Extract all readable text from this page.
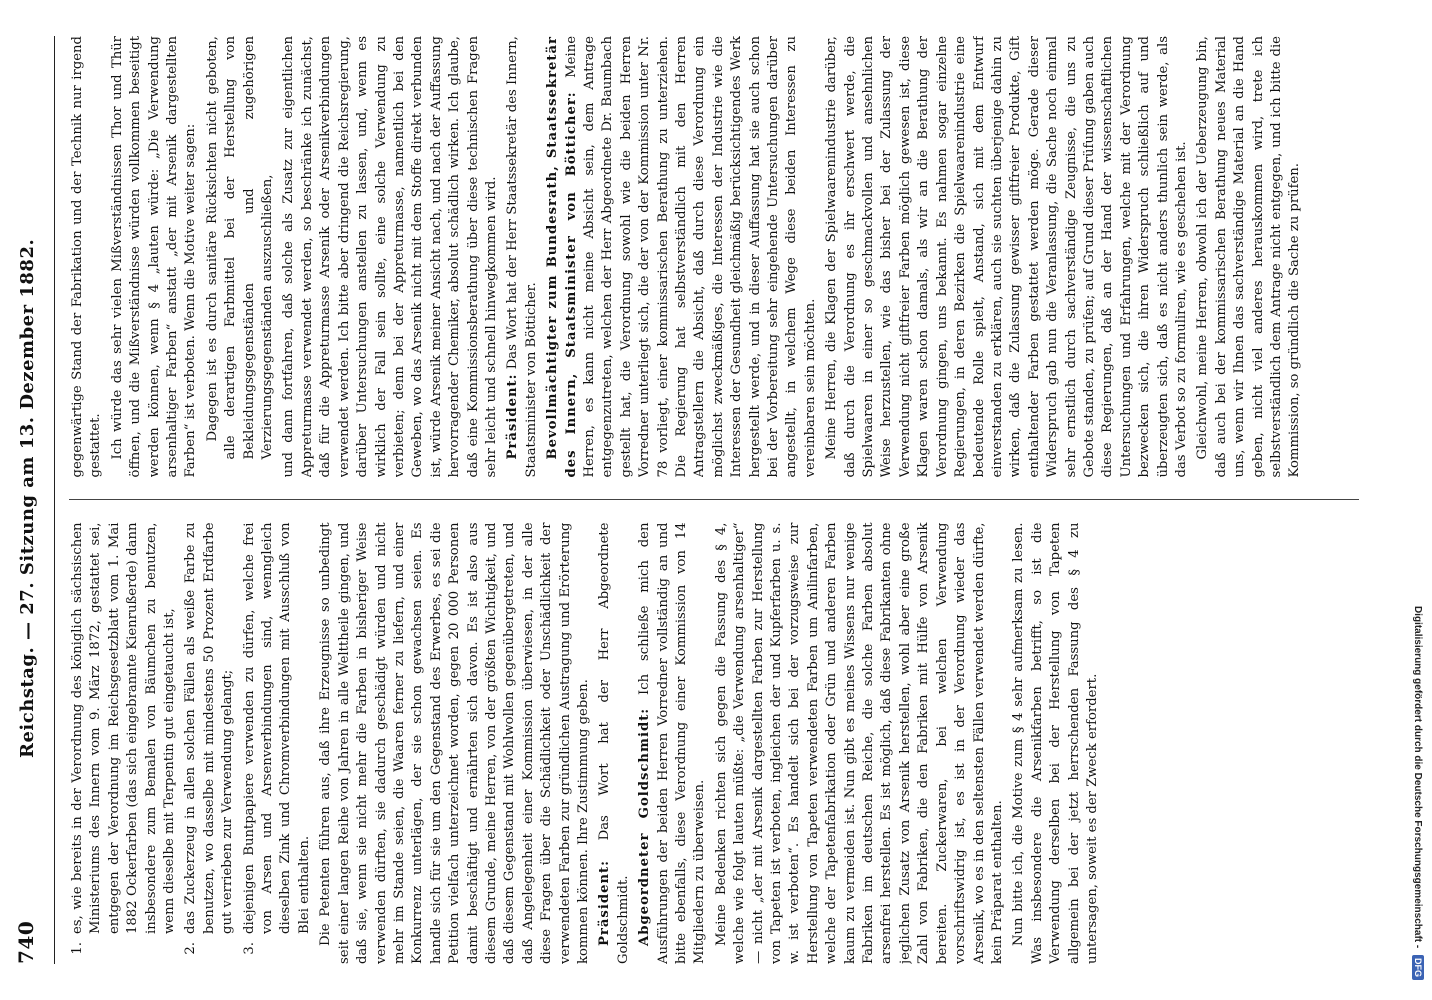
740
Reichstag. — 27. Sitzung am 13. Dezember 1882.
1.
es, wie bereits in der Verordnung des königlich sächsischen Ministeriums des Innern vom 9. März 1872, gestattet sei, entgegen der Verordnung im Reichsgesetzblatt vom 1. Mai 1882 Ockerfarben (das sich eingebrannte Kienrußerde) dann insbesondere zum Bemalen von Bäumchen zu benutzen, wenn dieselbe mit Terpentin gut eingetaucht ist,
2.
das Zuckerzeug in allen solchen Fällen als weiße Farbe zu benutzen, wo dasselbe mit mindestens 50 Prozent Erdfarbe gut verrieben zur Verwendung gelangt;
3.
diejenigen Buntpapiere verwenden zu dürfen, welche frei von Arsen und Arsenverbindungen sind, wenngleich dieselben Zink und Chromverbindungen mit Ausschluß von Blei enthalten. Die Petenten führen aus, daß ihre Erzeugnisse so unbedingt seit einer langen Reihe von Jahren in alle Welttheile gingen, und daß sie, wenn sie nicht mehr die Farben in bisheriger Weise verwenden dürften, sie dadurch geschädigt würden und nicht mehr im Stande seien, die Waaren ferner zu liefern, und einer Konkurrenz unterlägen, der sie schon gewachsen seien. Es handle sich für sie um den Gegenstand des Erwerbes, es sei die Petition vielfach unterzeichnet worden, gegen 20 000 Personen damit beschäftigt und ernährten sich davon. Es ist also aus diesem Grunde, meine Herren, von der größten Wichtigkeit, und daß diesem Gegenstand mit Wohlwollen gegenübergetreten, und daß Angelegenheit einer Kommission überwiesen, in der alle diese Fragen über die Schädlichkeit oder Unschädlichkeit der verwendeten Farben zur gründlichen Austragung und Erörterung kommen können. Ihre Zustimmung geben. Präsident: Das Wort hat der Herr Abgeordnete Goldschmidt. Abgeordneter Goldschmidt: Ich schließe mich den Ausführungen der beiden Herren Vorredner vollständig an und bitte ebenfalls, diese Verordnung einer Kommission von 14 Mitgliedern zu überweisen. Meine Bedenken richten sich gegen die Fassung des § 4, welche wie folgt lauten müßte: „die Verwendung arsenhaltiger“ — nicht „der mit Arsenik dargestellten Farben zur Herstellung von Tapeten ist verboten, ingleichen der und Kupferfarben u. s. w. ist verboten“. Es handelt sich bei der vorzugsweise zur Herstellung von Tapeten verwendeten Farben um Anilinfarben, welche der Tapetenfabrikation oder Grün und anderen Farben kaum zu vermeiden ist. Nun gibt es meines Wissens nur wenige Fabriken im deutschen Reiche, die solche Farben absolut arsenfrei herstellen. Es ist möglich, daß diese Fabrikanten ohne jeglichen Zusatz von Arsenik herstellen, wohl aber eine große Zahl von Fabriken, die den Fabriken mit Hülfe von Arsenik bereiten. Zuckerwaren, bei welchen Verwendung vorschriftswidrig ist, es ist in der Verordnung wieder das Arsenik, wo es in den seltensten Fällen verwendet werden dürfte, kein Präparat enthalten. Nun bitte ich, die Motive zum § 4 sehr aufmerksam zu lesen. Was insbesondere die Arsenikfarben betrifft, so ist die Verwendung derselben bei der Herstellung von Tapeten allgemein bei der jetzt herrschenden Fassung des § 4 zu untersagen, soweit es der Zweck erfordert.

gegenwärtige Stand der Fabrikation und der Technik nur irgend gestattet. Ich würde das sehr vielen Mißverständnissen Thor und Thür öffnen, und die Mißverständnisse würden vollkommen beseitigt werden können, wenn § 4 „lauten würde: „Die Verwendung arsenhaltiger Farben“ anstatt „der mit Arsenik dargestellten Farben“ ist verboten. Wenn die Motive weiter sagen: Dagegen ist es durch sanitäre Rücksichten nicht geboten, alle derartigen Farbmittel bei der Herstellung von Bekleidungsgegenständen und zugehörigen Verzierungsgegenständen auszuschließen, und dann fortfahren, daß solche als Zusatz zur eigentlichen Appreturmasse verwendet werden, so beschränke ich zunächst, daß für die Appreturmasse Arsenik oder Arsenikverbindungen verwendet werden. Ich bitte aber dringend die Reichsregierung, darüber Untersuchungen anstellen zu lassen, und, wenn es wirklich der Fall sein sollte, eine solche Verwendung zu verbieten; denn bei der Appreturmasse, namentlich bei den Geweben, wo das Arsenik nicht mit dem Stoffe direkt verbunden ist, würde Arsenik meiner Ansicht nach, und nach der Auffassung hervorragender Chemiker, absolut schädlich wirken. Ich glaube, daß eine Kommissionsberathung über diese technischen Fragen sehr leicht und schnell hinwegkommen wird. Präsident: Das Wort hat der Herr Staatssekretär des Innern, Staatsminister von Bötticher. Bevollmächtigter zum Bundesrath, Staatssekretär des Innern, Staatsminister von Bötticher: Meine Herren, es kann nicht meine Absicht sein, dem Antrage entgegenzutreten, welchen der Herr Abgeordnete Dr. Baumbach gestellt hat, die Verordnung sowohl wie die beiden Herren Vorredner unterliegt sich, die der von der Kommission unter Nr. 78 vorliegt, einer kommissarischen Berathung zu unterziehen. Die Regierung hat selbstverständlich mit den Herren Antragstellern die Absicht, daß durch diese Verordnung ein möglichst zweckmäßiges, die Interessen der Industrie wie die Interessen der Gesundheit gleichmäßig berücksichtigendes Werk hergestellt werde, und in dieser Auffassung hat sie auch schon bei der Vorbereitung sehr eingehende Untersuchungen darüber angestellt, in welchem Wege diese beiden Interessen zu vereinbaren sein möchten. Meine Herren, die Klagen der Spielwaarenindustrie darüber, daß durch die Verordnung es ihr erschwert werde, die Spielwaaren in einer so geschmackvollen und ansehnlichen Weise herzustellen, wie das bisher bei der Zulassung der Verwendung nicht giftfreier Farben möglich gewesen ist, diese Klagen waren schon damals, als wir an die Berathung der Verordnung gingen, uns bekannt. Es nahmen sogar einzelne Regierungen, in deren Bezirken die Spielwaarenindustrie eine bedeutende Rolle spielt, Anstand, sich mit dem Entwurf einverstanden zu erklären, auch sie suchten überjenige dahin zu wirken, daß die Zulassung gewisser giftfreier Produkte, Gift enthaltender Farben gestattet werden möge. Gerade dieser Widerspruch gab nun die Veranlassung, die Sache noch einmal sehr ernstlich durch sachverständige Zeugnisse, die uns zu Gebote standen, zu prüfen; auf Grund dieser Prüfung gaben auch diese Regierungen, daß an der Hand der wissenschaftlichen Untersuchungen und Erfahrungen, welche mit der Verordnung bezwecken sich, die ihren Widerspruch schließlich auf und überzeugten sich, daß es nicht anders thunlich sein werde, als das Verbot so zu formuliren, wie es geschehen ist. Gleichwohl, meine Herren, obwohl ich der Ueberzeugung bin, daß auch bei der kommissarischen Berathung neues Material uns, wenn wir Ihnen das sachverständige Material an die Hand geben, nicht viel anderes herauskommen wird, trete ich selbstverständlich dem Antrage nicht entgegen, und ich bitte die Kommission, so gründlich die Sache zu prüfen.

Digitalisierung gefördert durch die Deutsche Forschungsgemeinschaft - DFG
